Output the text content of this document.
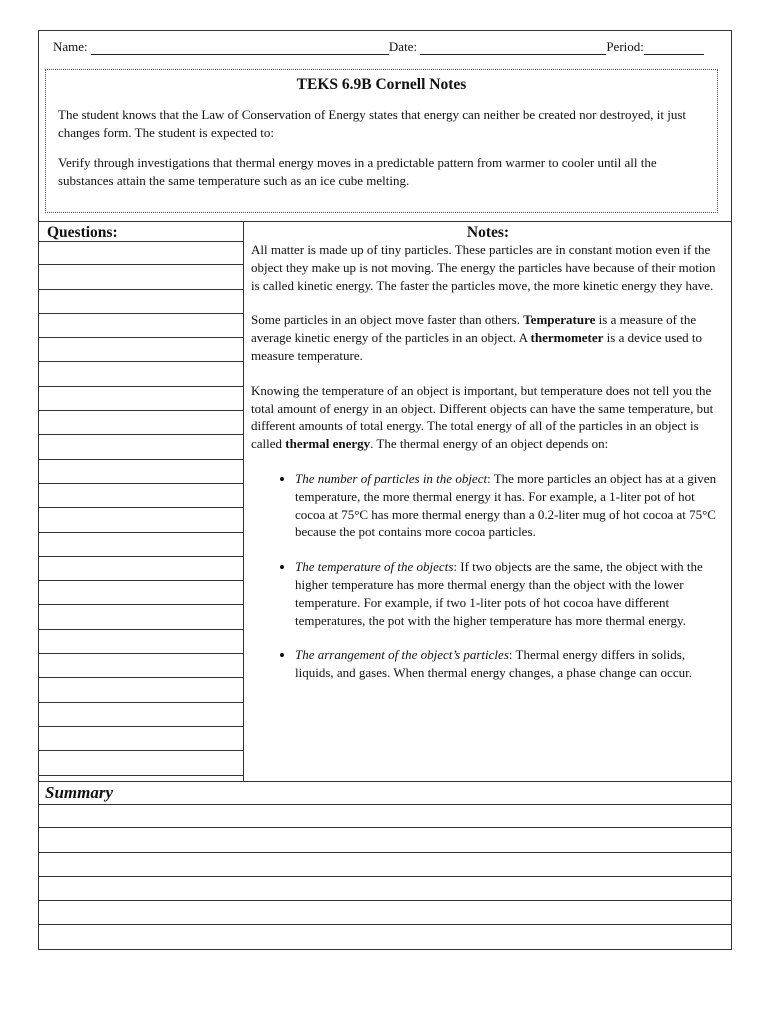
Name:	Date:	Period:
TEKS 6.9B Cornell Notes

The student knows that the Law of Conservation of Energy states that energy can neither be created nor destroyed, it just changes form. The student is expected to:

Verify through investigations that thermal energy moves in a predictable pattern from warmer to cooler until all the substances attain the same temperature such as an ice cube melting.

Questions:	Notes:

All matter is made up of tiny particles. These particles are in constant motion even if the object they make up is not moving. The energy the particles have because of their motion is called kinetic energy. The faster the particles move, the more kinetic energy they have.

Some particles in an object move faster than others. Temperature is a measure of the average kinetic energy of the particles in an object. A thermometer is a device used to measure temperature.

Knowing the temperature of an object is important, but temperature does not tell you the total amount of energy in an object. Different objects can have the same temperature, but different amounts of total energy. The total energy of all of the particles in an object is called thermal energy. The thermal energy of an object depends on:

• The number of particles in the object: The more particles an object has at a given temperature, the more thermal energy it has. For example, a 1-liter pot of hot cocoa at 75°C has more thermal energy than a 0.2-liter mug of hot cocoa at 75°C because the pot contains more cocoa particles.
• The temperature of the objects: If two objects are the same, the object with the higher temperature has more thermal energy than the object with the lower temperature. For example, if two 1-liter pots of hot cocoa have different temperatures, the pot with the higher temperature has more thermal energy.
• The arrangement of the object’s particles: Thermal energy differs in solids, liquids, and gases. When thermal energy changes, a phase change can occur.
Summary
